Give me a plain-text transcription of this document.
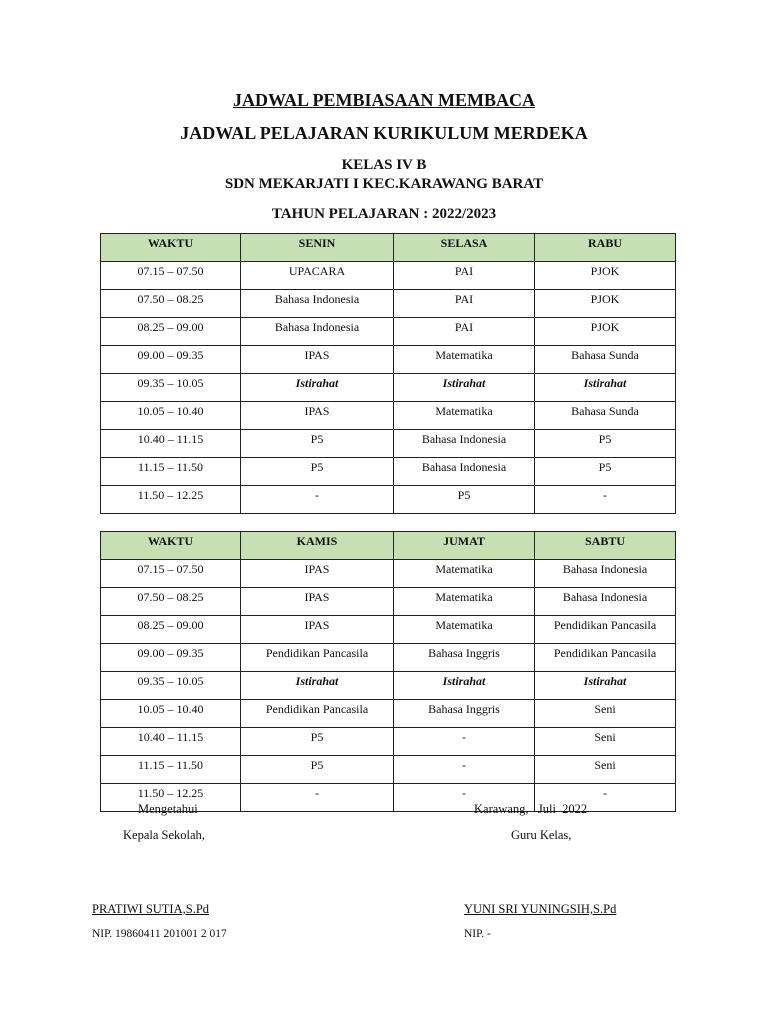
JADWAL PEMBIASAAN MEMBACA
JADWAL PELAJARAN KURIKULUM MERDEKA
KELAS IV B
SDN MEKARJATI I KEC.KARAWANG BARAT
TAHUN PELAJARAN : 2022/2023
WAKTU	SENIN	SELASA	RABU
07.15 – 07.50	UPACARA	PAI	PJOK
07.50 – 08.25	Bahasa Indonesia	PAI	PJOK
08.25 – 09.00	Bahasa Indonesia	PAI	PJOK
09.00 – 09.35	IPAS	Matematika	Bahasa Sunda
09.35 – 10.05	Istirahat	Istirahat	Istirahat
10.05 – 10.40	IPAS	Matematika	Bahasa Sunda
10.40 – 11.15	P5	Bahasa Indonesia	P5
11.15 – 11.50	P5	Bahasa Indonesia	P5
11.50 – 12.25	-	P5	-
WAKTU	KAMIS	JUMAT	SABTU
07.15 – 07.50	IPAS	Matematika	Bahasa Indonesia
07.50 – 08.25	IPAS	Matematika	Bahasa Indonesia
08.25 – 09.00	IPAS	Matematika	Pendidikan Pancasila
09.00 – 09.35	Pendidikan Pancasila	Bahasa Inggris	Pendidikan Pancasila
09.35 – 10.05	Istirahat	Istirahat	Istirahat
10.05 – 10.40	Pendidikan Pancasila	Bahasa Inggris	Seni
10.40 – 11.15	P5	-	Seni
11.15 – 11.50	P5	-	Seni
11.50 – 12.25	-	-	-
Mengetahui
Kepala Sekolah,
Karawang,   Juli  2022
Guru Kelas,
PRATIWI SUTIA,S.Pd
NIP. 19860411 201001 2 017
YUNI SRI YUNINGSIH,S.Pd
NIP. -
